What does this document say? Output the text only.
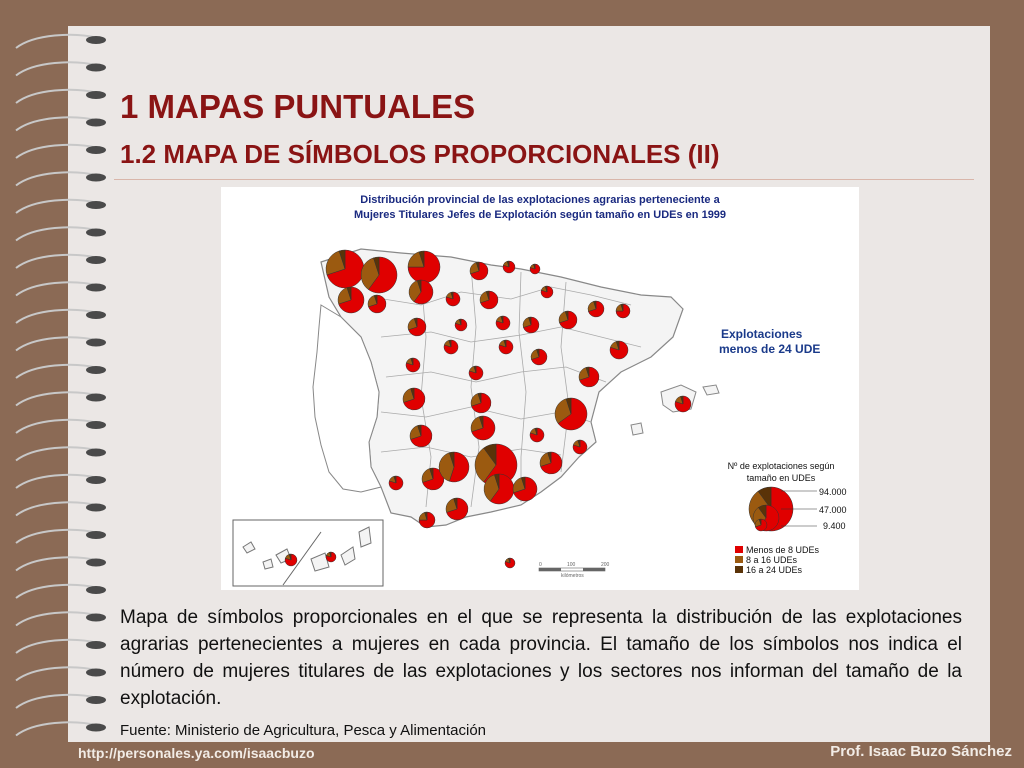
1 MAPAS PUNTUALES
1.2 MAPA DE SÍMBOLOS PROPORCIONALES (II)
Distribución provincial de las explotaciones agrarias perteneciente a
Mujeres Titulares Jefes de Explotación según tamaño en UDEs en 1999
Explotaciones
menos de 24 UDE
Nº de explotaciones según
tamaño en UDEs
94.000
47.000
9.400
Menos de 8 UDEs
8 a 16 UDEs
16 a 24 UDEs
0	100	200
kilómetros

Mapa de símbolos proporcionales en el que se representa la distribución de las explotaciones agrarias pertenecientes a mujeres en cada provincia. El tamaño de los símbolos nos indica el número de mujeres titulares de las explotaciones y los sectores nos informan del tamaño de la explotación.

Fuente: Ministerio de Agricultura, Pesca y Alimentación

http://personales.ya.com/isaacbuzo	Prof. Isaac Buzo Sánchez
